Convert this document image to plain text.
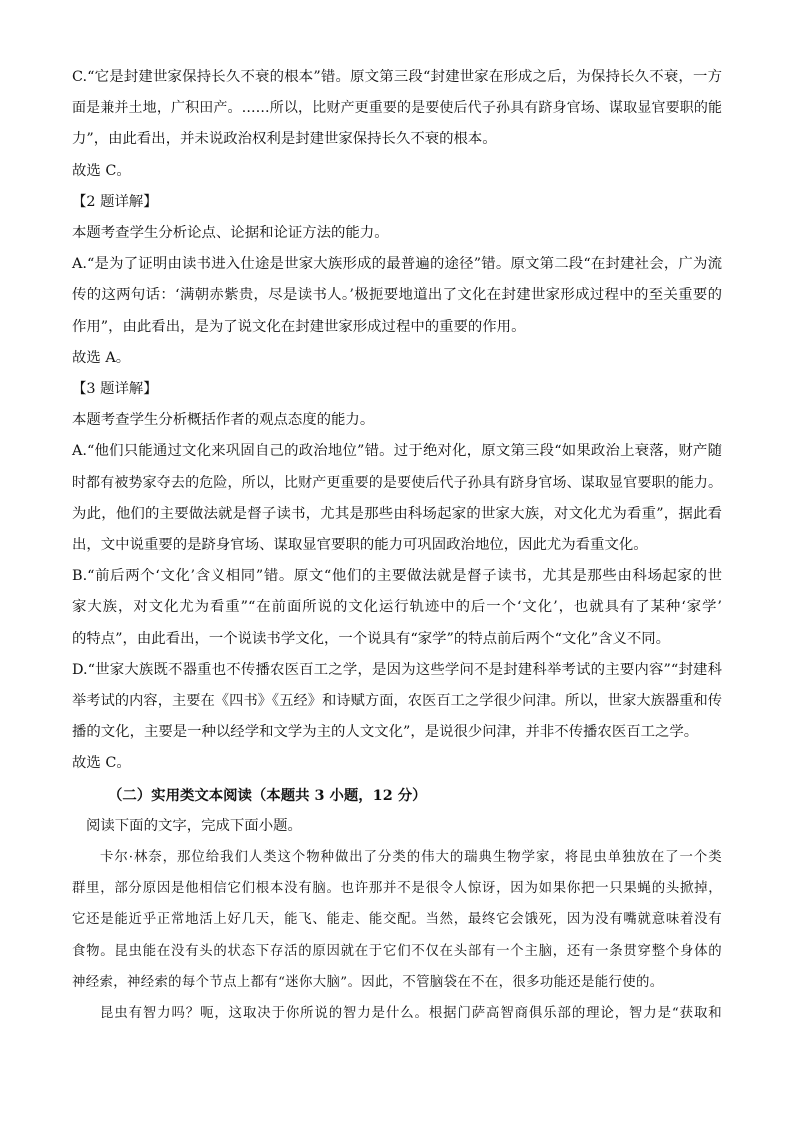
C.“它是封建世家保持长久不衰的根本”错。原文第三段“封建世家在形成之后，为保持长久不衰，一方

面是兼并土地，广积田产。……所以，比财产更重要的是要使后代子孙具有跻身官场、谋取显官要职的能

力”，由此看出，并未说政治权利是封建世家保持长久不衰的根本。

故选 C。

【2 题详解】

本题考查学生分析论点、论据和论证方法的能力。

A.“是为了证明由读书进入仕途是世家大族形成的最普遍的途径”错。原文第二段“在封建社会，广为流

传的这两句话：‘满朝赤紫贵，尽是读书人。’极扼要地道出了文化在封建世家形成过程中的至关重要的

作用”，由此看出，是为了说文化在封建世家形成过程中的重要的作用。

故选 A。

【3 题详解】

本题考查学生分析概括作者的观点态度的能力。

A.“他们只能通过文化来巩固自己的政治地位”错。过于绝对化，原文第三段“如果政治上衰落，财产随

时都有被势家夺去的危险，所以，比财产更重要的是要使后代子孙具有跻身官场、谋取显官要职的能力。

为此，他们的主要做法就是督子读书，尤其是那些由科场起家的世家大族，对文化尤为看重”，据此看

出，文中说重要的是跻身官场、谋取显官要职的能力可巩固政治地位，因此尤为看重文化。

B.“前后两个‘文化’含义相同”错。原文“他们的主要做法就是督子读书，尤其是那些由科场起家的世

家大族，对文化尤为看重”“在前面所说的文化运行轨迹中的后一个‘文化’，也就具有了某种‘家学’

的特点”，由此看出，一个说读书学文化，一个说具有“家学”的特点前后两个“文化”含义不同。

D.“世家大族既不器重也不传播农医百工之学，是因为这些学问不是封建科举考试的主要内容”“封建科

举考试的内容，主要在《四书》《五经》和诗赋方面，农医百工之学很少问津。所以，世家大族器重和传

播的文化，主要是一种以经学和文学为主的人文文化”，是说很少问津，并非不传播农医百工之学。

故选 C。

（二）实用类文本阅读（本题共 3 小题，12 分）

阅读下面的文字，完成下面小题。

卡尔·林奈，那位给我们人类这个物种做出了分类的伟大的瑞典生物学家，将昆虫单独放在了一个类

群里，部分原因是他相信它们根本没有脑。也许那并不是很令人惊讶，因为如果你把一只果蝇的头掀掉，

它还是能近乎正常地活上好几天，能飞、能走、能交配。当然，最终它会饿死，因为没有嘴就意味着没有

食物。昆虫能在没有头的状态下存活的原因就在于它们不仅在头部有一个主脑，还有一条贯穿整个身体的

神经索，神经索的每个节点上都有“迷你大脑”。因此，不管脑袋在不在，很多功能还是能行使的。

昆虫有智力吗？呃，这取决于你所说的智力是什么。根据门萨高智商俱乐部的理论，智力是“获取和
